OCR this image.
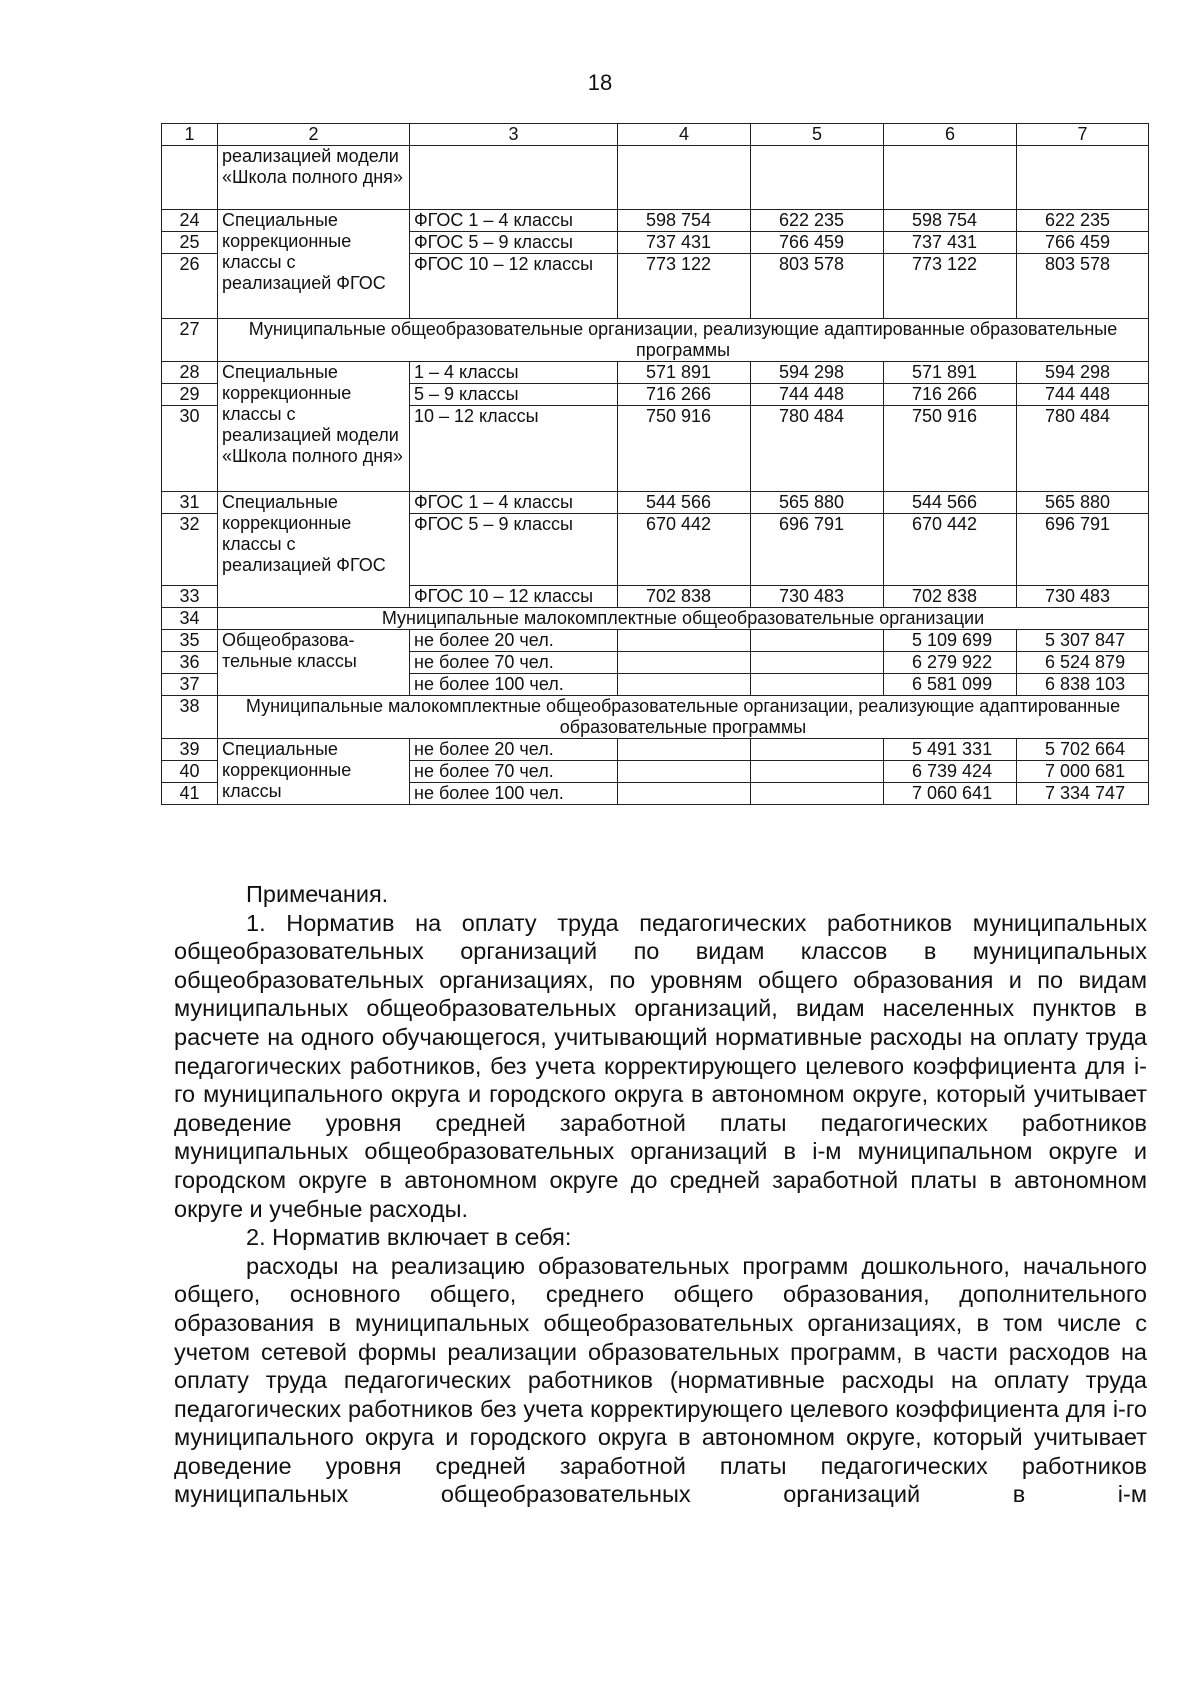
18
1	2	3	4	5	6	7
	реализацией модели «Школа полного дня»					
24	Специальные коррекционные классы с реализацией ФГОС	ФГОС 1 – 4 классы	598 754	622 235	598 754	622 235
25		ФГОС 5 – 9 классы	737 431	766 459	737 431	766 459
26		ФГОС 10 – 12 классы	773 122	803 578	773 122	803 578
27	Муниципальные общеобразовательные организации, реализующие адаптированные образовательные программы					
28	Специальные коррекционные классы с реализацией модели «Школа полного дня»	1 – 4 классы	571 891	594 298	571 891	594 298
29		5 – 9 классы	716 266	744 448	716 266	744 448
30		10 – 12 классы	750 916	780 484	750 916	780 484
31	Специальные коррекционные классы с реализацией ФГОС	ФГОС 1 – 4 классы	544 566	565 880	544 566	565 880
32		ФГОС 5 – 9 классы	670 442	696 791	670 442	696 791
33		ФГОС 10 – 12 классы	702 838	730 483	702 838	730 483
34	Муниципальные малокомплектные общеобразовательные организации					
35	Общеобразова-тельные классы	не более 20 чел.			5 109 699	5 307 847
36		не более 70 чел.			6 279 922	6 524 879
37		не более 100 чел.			6 581 099	6 838 103
38	Муниципальные малокомплектные общеобразовательные организации, реализующие адаптированные образовательные программы					
39	Специальные коррекционные классы	не более 20 чел.			5 491 331	5 702 664
40		не более 70 чел.			6 739 424	7 000 681
41		не более 100 чел.			7 060 641	7 334 747

Примечания.

1. Норматив на оплату труда педагогических работников муниципальных общеобразовательных организаций по видам классов в муниципальных общеобразовательных организациях, по уровням общего образования и по видам муниципальных общеобразовательных организаций, видам населенных пунктов в расчете на одного обучающегося, учитывающий нормативные расходы на оплату труда педагогических работников, без учета корректирующего целевого коэффициента для i-го муниципального округа и городского округа в автономном округе, который учитывает доведение уровня средней заработной платы педагогических работников муниципальных общеобразовательных организаций в i-м муниципальном округе и городском округе в автономном округе до средней заработной платы в автономном округе и учебные расходы.

2. Норматив включает в себя:

расходы на реализацию образовательных программ дошкольного, начального общего, основного общего, среднего общего образования, дополнительного образования в муниципальных общеобразовательных организациях, в том числе с учетом сетевой формы реализации образовательных программ, в части расходов на оплату труда педагогических работников (нормативные расходы на оплату труда педагогических работников без учета корректирующего целевого коэффициента для i-го муниципального округа и городского округа в автономном округе, который учитывает доведение уровня средней заработной платы педагогических работников муниципальных общеобразовательных организаций в i-м
